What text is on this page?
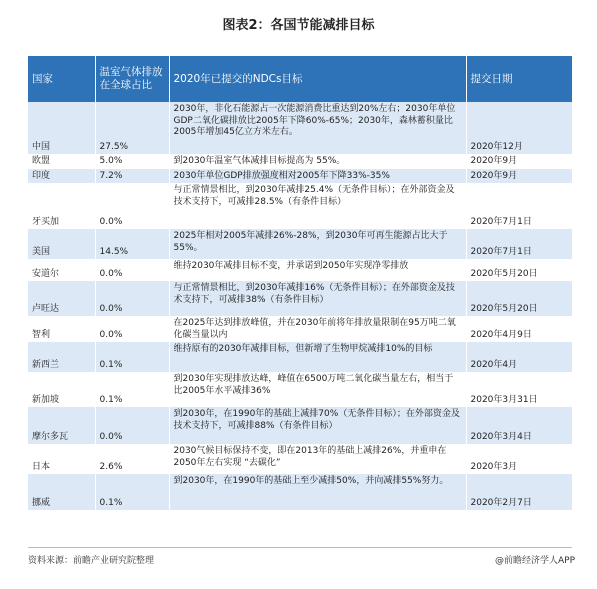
图表2：各国节能减排目标
国家	温室气体排放在全球占比	2020年已提交的NDCs目标	提交日期
中国	27.5%	2030年，非化石能源占一次能源消费比重达到20%左右；2030年单位GDP二氧化碳排放比2005年下降60%-65%；2030年，森林蓄积量比2005年增加45亿立方米左右。	2020年12月
欧盟	5.0%	到2030年温室气体减排目标提高为 55%。	2020年9月
印度	7.2%	2030年单位GDP排放强度相对2005年下降33%-35%	2020年9月
牙买加	0.0%	与正常情景相比，到2030年减排25.4%（无条件目标）；在外部资金及技术支持下，可减排28.5%（有条件目标）	2020年7月1日
美国	14.5%	2025年相对2005年减排26%-28%，到2030年可再生能源占比大于55%。	2020年7月1日
安道尔	0.0%	维持2030年减排目标不变，并承诺到2050年实现净零排放	2020年5月20日
卢旺达	0.0%	与正常情景相比，到2030年减排16%（无条件目标）；在外部资金及技术支持下，可减排38%（有条件目标）	2020年5月20日
智利	0.0%	在2025年达到排放峰值，并在2030年前将年排放量限制在95万吨二氧化碳当量以内	2020年4月9日
新西兰	0.1%	维持原有的2030年减排目标，但新增了生物甲烷减排10%的目标	2020年4月
新加坡	0.1%	到2030年实现排放达峰，峰值在6500万吨二氧化碳当量左右，相当于比2005年水平减排36%	2020年3月31日
摩尔多瓦	0.0%	到2030年，在1990年的基础上减排70%（无条件目标）；在外部资金及技术支持下，可减排88%（有条件目标）	2020年3月4日
日本	2.6%	2030气候目标保持不变，即在2013年的基础上减排26%，并重申在2050年左右实现 “去碳化”	2020年3月
挪威	0.1%	到2030年，在1990年的基础上至少减排50%，并向减排55%努力。	2020年2月7日
资料来源：前瞻产业研究院整理	@前瞻经济学人APP
